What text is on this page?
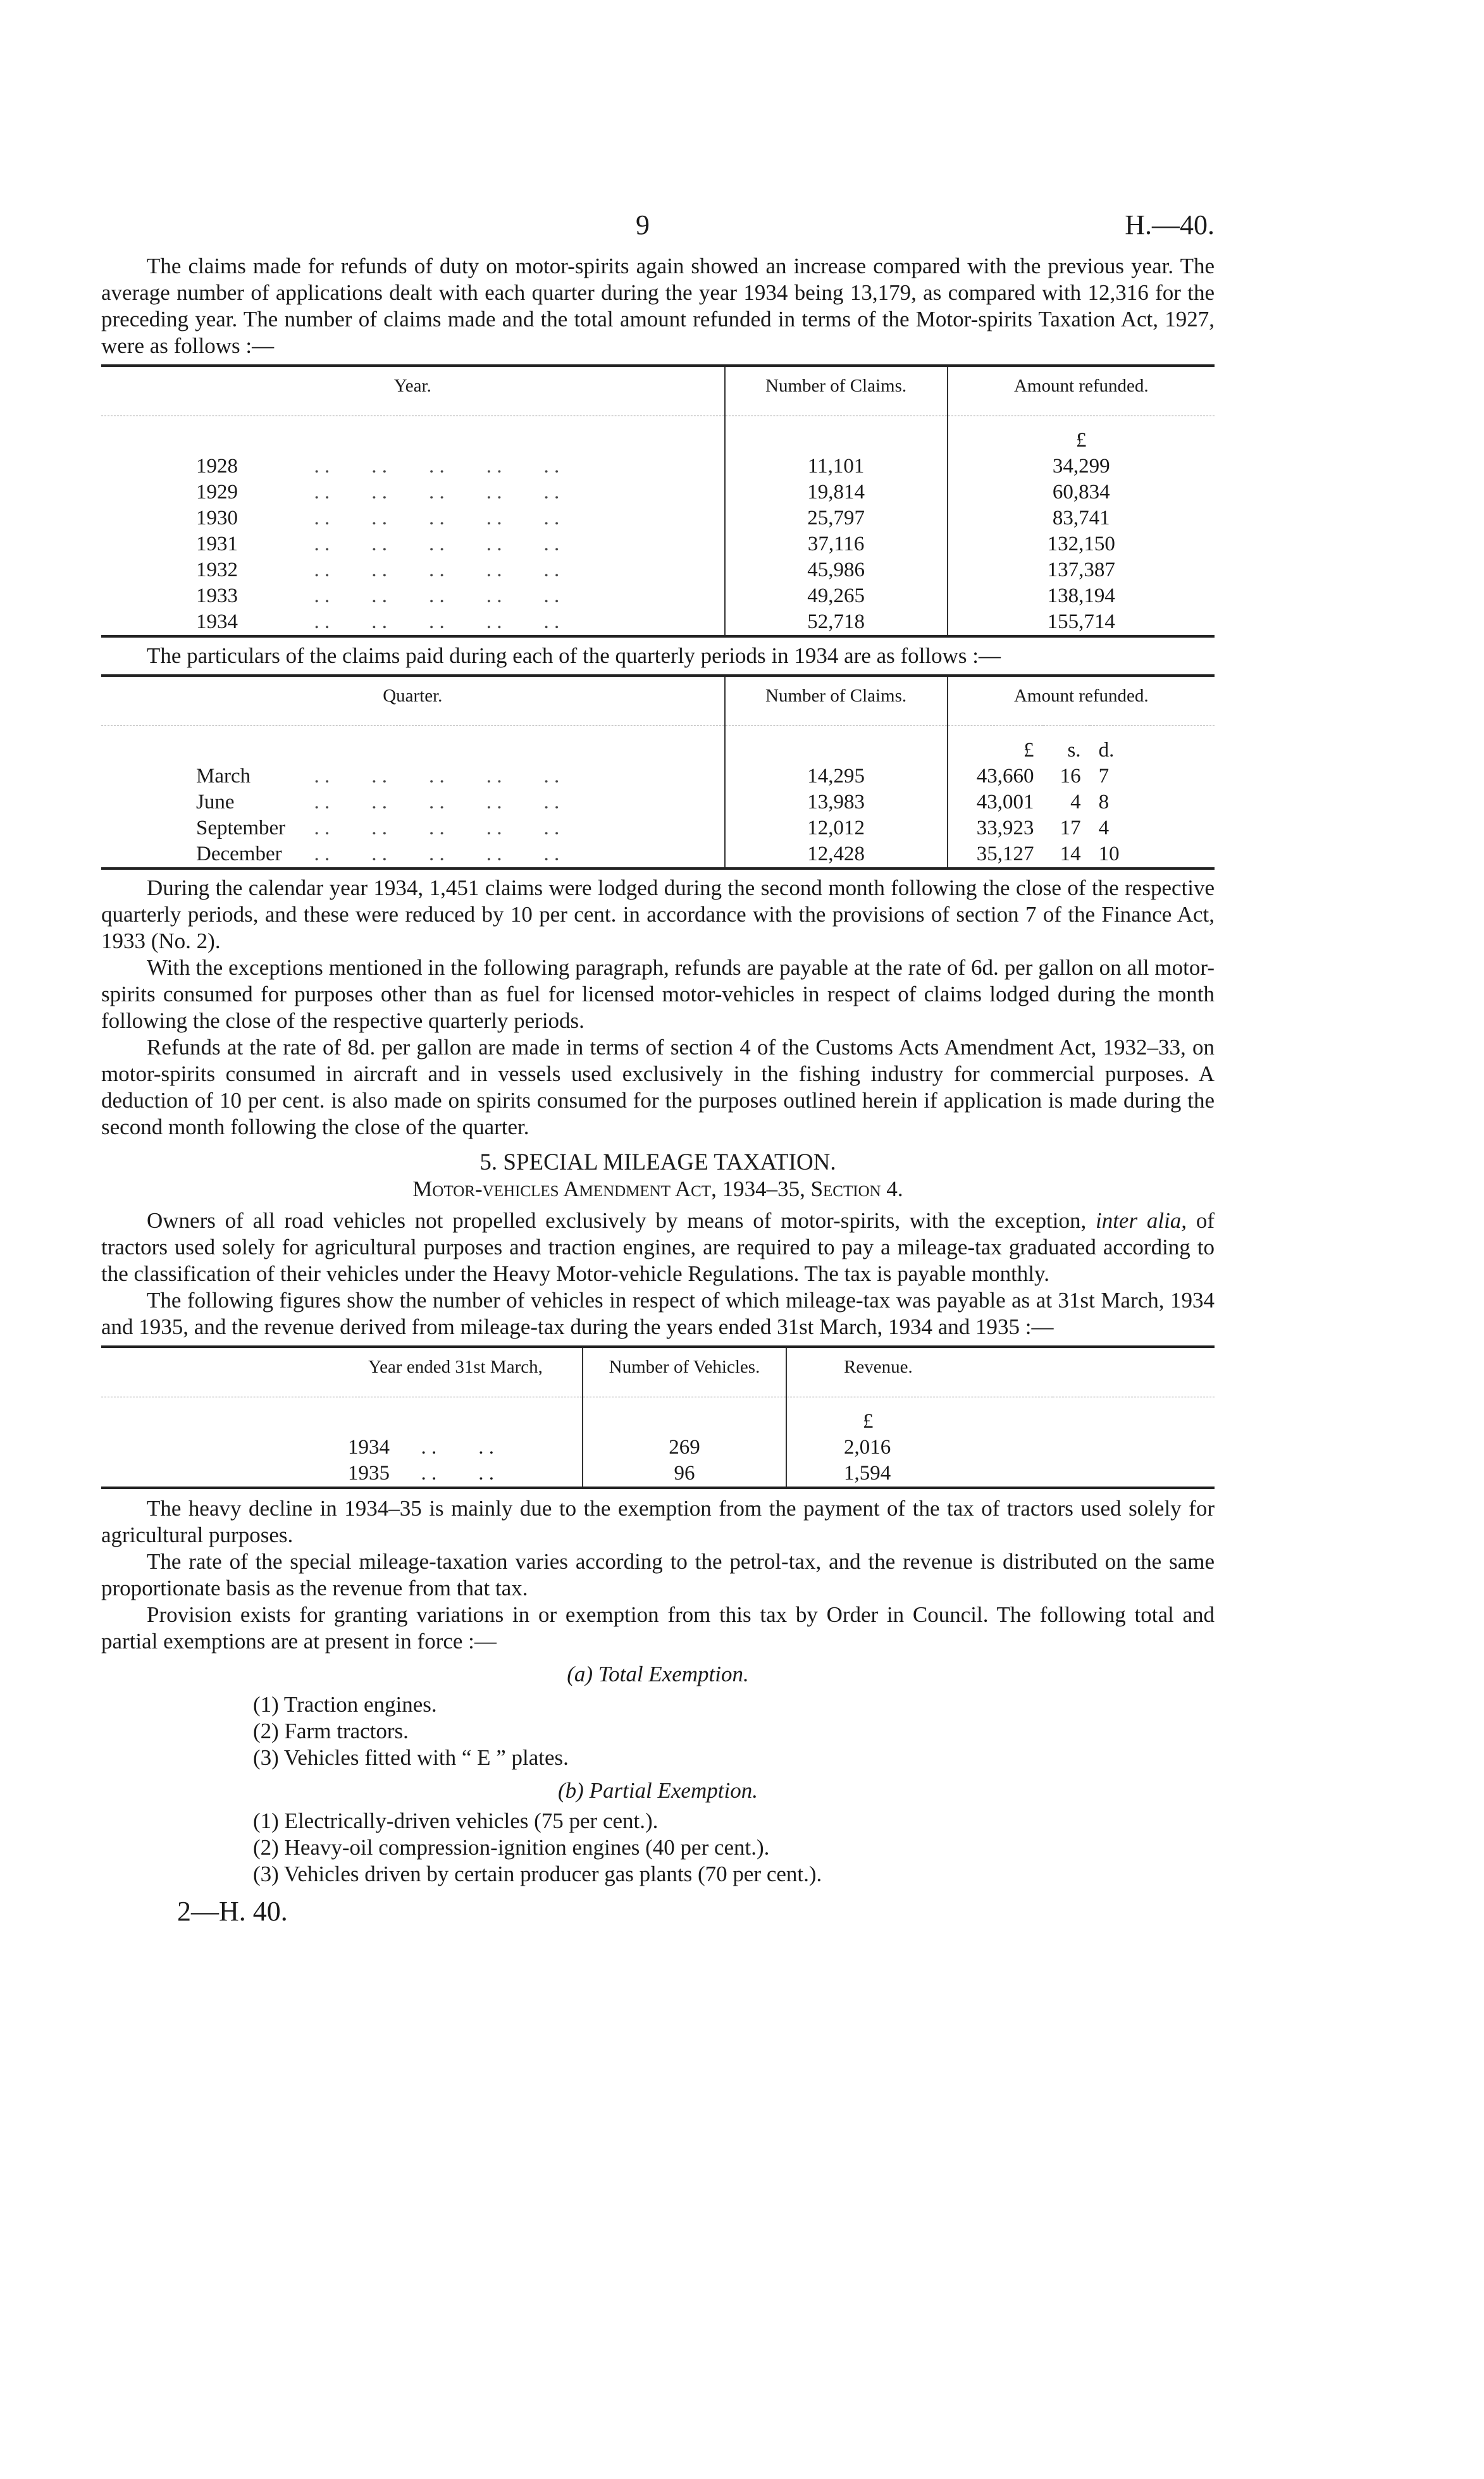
9	H.—40.

The claims made for refunds of duty on motor-spirits again showed an increase compared with the previous year. The average number of applications dealt with each quarter during the year 1934 being 13,179, as compared with 12,316 for the preceding year. The number of claims made and the total amount refunded in terms of the Motor-spirits Taxation Act, 1927, were as follows :—

Year.	Number of Claims.	Amount refunded.
		£
1928 . .        . .        . .        . .        . .	11,101	34,299
1929 . .        . .        . .        . .        . .	19,814	60,834
1930 . .        . .        . .        . .        . .	25,797	83,741
1931 . .        . .        . .        . .        . .	37,116	132,150
1932 . .        . .        . .        . .        . .	45,986	137,387
1933 . .        . .        . .        . .        . .	49,265	138,194
1934 . .        . .        . .        . .        . .	52,718	155,714

The particulars of the claims paid during each of the quarterly periods in 1934 are as follows :—

Quarter.	Number of Claims.	Amount refunded.		
		£	s.	d.
March . .        . .        . .        . .        . .	14,295	43,660	16	7
June . .        . .        . .        . .        . .	13,983	43,001	4	8
September  . .        . .        . .        . .        . .	12,012	33,923	17	4
December  . .        . .        . .        . .        . .	12,428	35,127	14	10

During the calendar year 1934, 1,451 claims were lodged during the second month following the close of the respective quarterly periods, and these were reduced by 10 per cent. in accordance with the provisions of section 7 of the Finance Act, 1933 (No. 2).

With the exceptions mentioned in the following paragraph, refunds are payable at the rate of 6d. per gallon on all motor-spirits consumed for purposes other than as fuel for licensed motor-vehicles in respect of claims lodged during the month following the close of the respective quarterly periods.

Refunds at the rate of 8d. per gallon are made in terms of section 4 of the Customs Acts Amendment Act, 1932–33, on motor-spirits consumed in aircraft and in vessels used exclusively in the fishing industry for commercial purposes. A deduction of 10 per cent. is also made on spirits consumed for the purposes outlined herein if application is made during the second month following the close of the quarter.

5. SPECIAL MILEAGE TAXATION.

Motor-vehicles Amendment Act, 1934–35, Section 4.

Owners of all road vehicles not propelled exclusively by means of motor-spirits, with the exception, inter alia, of tractors used solely for agricultural purposes and traction engines, are required to pay a mileage-tax graduated according to the classification of their vehicles under the Heavy Motor-vehicle Regulations. The tax is payable monthly.

The following figures show the number of vehicles in respect of which mileage-tax was payable as at 31st March, 1934 and 1935, and the revenue derived from mileage-tax during the years ended 31st March, 1934 and 1935 :—

Year ended 31st March,	Number of Vehicles.	Revenue.	
		£	
1934      . .        . .	269	2,016	
1935      . .        . .	96	1,594	

The heavy decline in 1934–35 is mainly due to the exemption from the payment of the tax of tractors used solely for agricultural purposes.

The rate of the special mileage-taxation varies according to the petrol-tax, and the revenue is distributed on the same proportionate basis as the revenue from that tax.

Provision exists for granting variations in or exemption from this tax by Order in Council. The following total and partial exemptions are at present in force :—

(a) Total Exemption.
(1) Traction engines.
(2) Farm tractors.
(3) Vehicles fitted with “ E ” plates.
(b) Partial Exemption.
(1) Electrically-driven vehicles (75 per cent.).
(2) Heavy-oil compression-ignition engines (40 per cent.).
(3) Vehicles driven by certain producer gas plants (70 per cent.).
2—H. 40.
